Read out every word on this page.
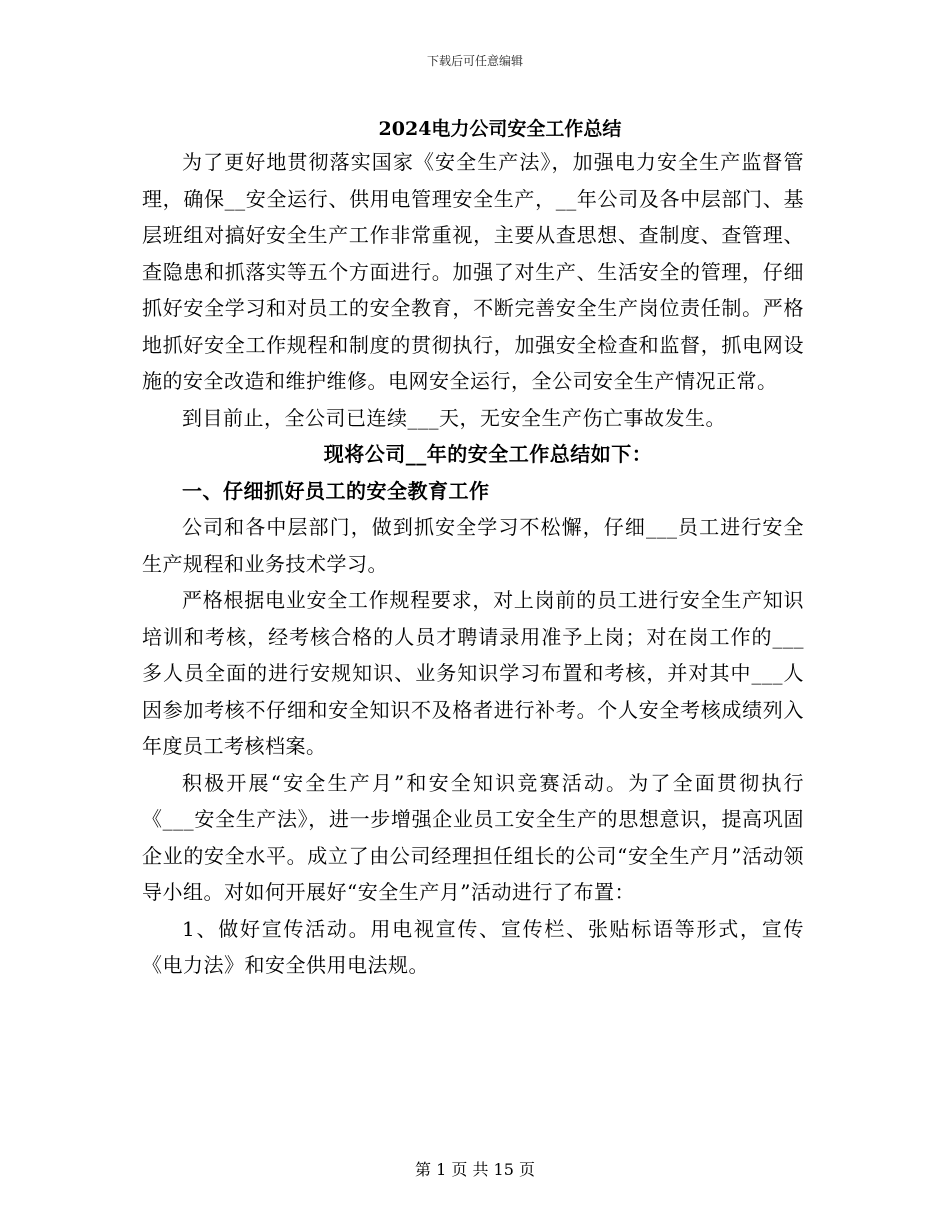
下载后可任意编辑
2024电力公司安全工作总结

为了更好地贯彻落实国家《安全生产法》，加强电力安全生产监督管理，确保__安全运行、供用电管理安全生产，__年公司及各中层部门、基层班组对搞好安全生产工作非常重视，主要从查思想、查制度、查管理、查隐患和抓落实等五个方面进行。加强了对生产、生活安全的管理，仔细抓好安全学习和对员工的安全教育，不断完善安全生产岗位责任制。严格地抓好安全工作规程和制度的贯彻执行，加强安全检查和监督，抓电网设施的安全改造和维护维修。电网安全运行，全公司安全生产情况正常。

到目前止，全公司已连续___天，无安全生产伤亡事故发生。

现将公司__年的安全工作总结如下：

一、仔细抓好员工的安全教育工作

公司和各中层部门，做到抓安全学习不松懈，仔细___员工进行安全生产规程和业务技术学习。

严格根据电业安全工作规程要求，对上岗前的员工进行安全生产知识培训和考核，经考核合格的人员才聘请录用准予上岗；对在岗工作的___多人员全面的进行安规知识、业务知识学习布置和考核，并对其中___人因参加考核不仔细和安全知识不及格者进行补考。个人安全考核成绩列入年度员工考核档案。

积极开展“安全生产月”和安全知识竞赛活动。为了全面贯彻执行《___安全生产法》，进一步增强企业员工安全生产的思想意识，提高巩固企业的安全水平。成立了由公司经理担任组长的公司“安全生产月”活动领导小组。对如何开展好“安全生产月”活动进行了布置：

1、做好宣传活动。用电视宣传、宣传栏、张贴标语等形式，宣传《电力法》和安全供用电法规。

第 1 页 共 15 页
